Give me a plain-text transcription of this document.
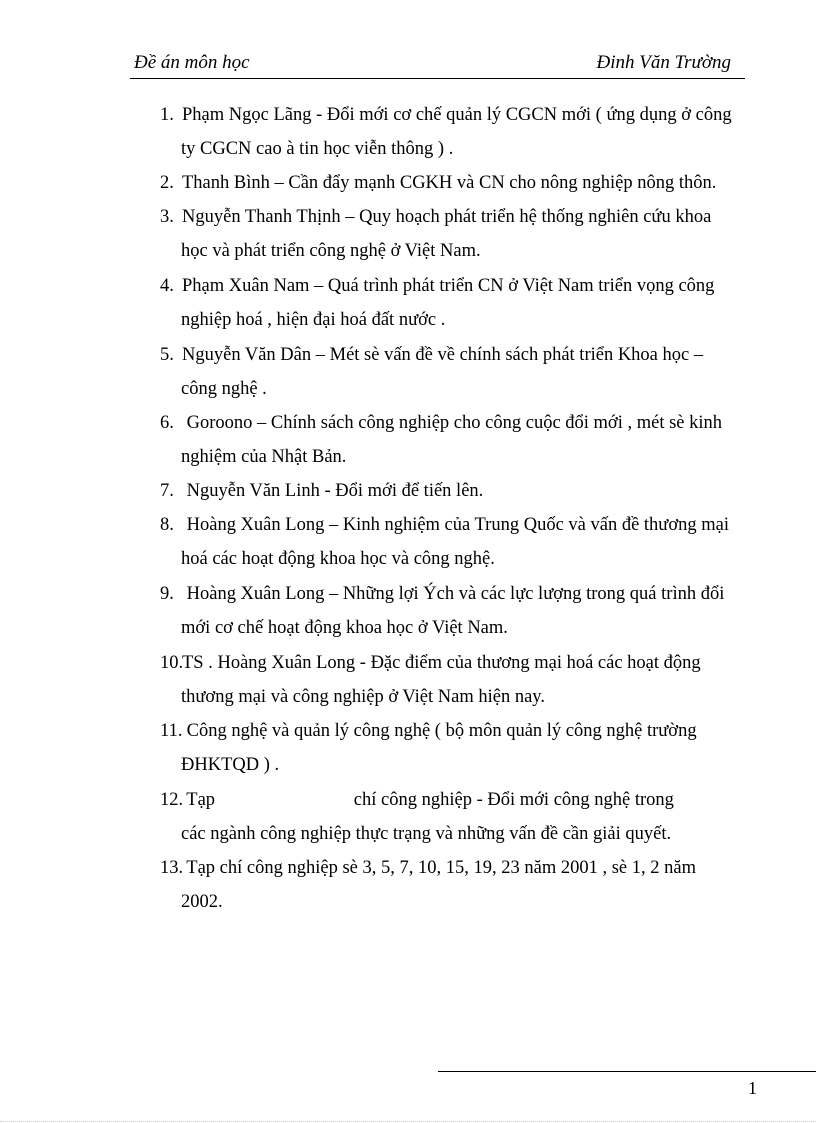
Đề án môn học	Đinh Văn Trường
1. Phạm Ngọc Lãng - Đổi mới cơ chế quản lý CGCN mới ( ứng dụng ở công
ty CGCN cao à tin học viễn thông ) .
2. Thanh Bình – Cần đẩy mạnh CGKH và CN cho nông nghiệp nông thôn.
3. Nguyễn Thanh Thịnh – Quy hoạch phát triển hệ thống nghiên cứu khoa
học và phát triển công nghệ ở Việt Nam.
4. Phạm Xuân Nam – Quá trình phát triển CN ở Việt Nam triển vọng công
nghiệp hoá , hiện đại hoá đất nước .
5. Nguyễn Văn Dân – Mét sè vấn đề về chính sách phát triển Khoa học –
công nghệ .
6. Goroono – Chính sách công nghiệp cho công cuộc đổi mới , mét sè kinh
nghiệm của Nhật Bản.
7. Nguyễn Văn Linh - Đổi mới để tiến lên.
8. Hoàng Xuân Long – Kinh nghiệm của Trung Quốc và vấn đề thương mại
hoá các hoạt động khoa học và công nghệ.
9. Hoàng Xuân Long – Những lợi Ých và các lực lượng trong quá trình đổi
mới cơ chế hoạt động khoa học ở Việt Nam.
10.TS . Hoàng Xuân Long - Đặc điểm của thương mại hoá các hoạt động
thương mại và công nghiệp ở Việt Nam hiện nay.
11. Công nghệ và quản lý công nghệ ( bộ môn quản lý công nghệ trường
ĐHKTQD ) .
12. Tạp                              chí công nghiệp - Đổi mới công nghệ trong
các ngành công nghiệp thực trạng và những vấn đề cần giải quyết.
13. Tạp chí công nghiệp sè 3, 5, 7, 10, 15, 19, 23 năm 2001 , sè 1, 2 năm
2002.
1
